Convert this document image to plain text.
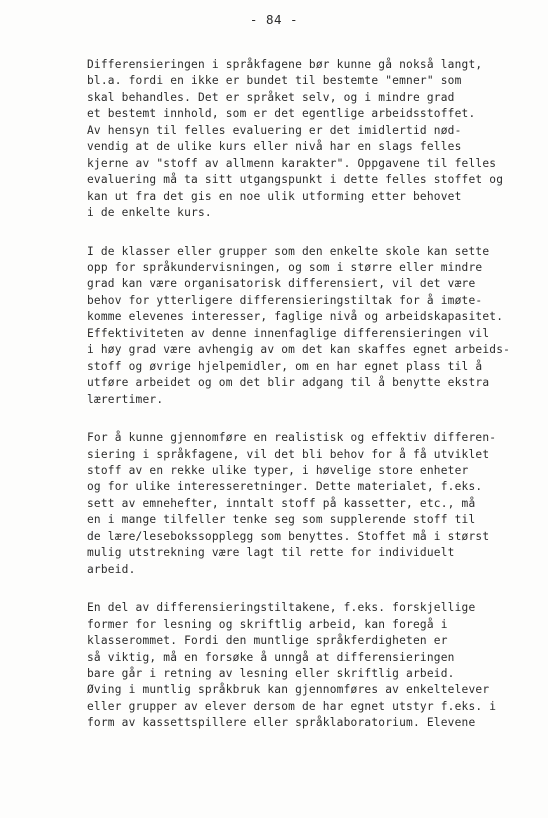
- 84 -
Differensieringen i språkfagene bør kunne gå nokså langt,
bl.a. fordi en ikke er bundet til bestemte "emner" som
skal behandles. Det er språket selv, og i mindre grad
et bestemt innhold, som er det egentlige arbeidsstoffet.
Av hensyn til felles evaluering er det imidlertid nød-
vendig at de ulike kurs eller nivå har en slags felles
kjerne av "stoff av allmenn karakter". Oppgavene til felles
evaluering må ta sitt utgangspunkt i dette felles stoffet og
kan ut fra det gis en noe ulik utforming etter behovet
i de enkelte kurs.
I de klasser eller grupper som den enkelte skole kan sette
opp for språkundervisningen, og som i større eller mindre
grad kan være organisatorisk differensiert, vil det være
behov for ytterligere differensieringstiltak for å imøte-
komme elevenes interesser, faglige nivå og arbeidskapasitet.
Effektiviteten av denne innenfaglige differensieringen vil
i høy grad være avhengig av om det kan skaffes egnet arbeids-
stoff og øvrige hjelpemidler, om en har egnet plass til å
utføre arbeidet og om det blir adgang til å benytte ekstra
lærertimer.
For å kunne gjennomføre en realistisk og effektiv differen-
siering i språkfagene, vil det bli behov for å få utviklet
stoff av en rekke ulike typer, i høvelige store enheter
og for ulike interesseretninger. Dette materialet, f.eks.
sett av emnehefter, inntalt stoff på kassetter, etc., må
en i mange tilfeller tenke seg som supplerende stoff til
de lære/lesebokssopplegg som benyttes. Stoffet må i størst
mulig utstrekning være lagt til rette for individuelt
arbeid.
En del av differensieringstiltakene, f.eks. forskjellige
former for lesning og skriftlig arbeid, kan foregå i
klasserommet. Fordi den muntlige språkferdigheten er
så viktig, må en forsøke å unngå at differensieringen
bare går i retning av lesning eller skriftlig arbeid.
Øving i muntlig språkbruk kan gjennomføres av enkeltelever
eller grupper av elever dersom de har egnet utstyr f.eks. i
form av kassettspillere eller språklaboratorium. Elevene
